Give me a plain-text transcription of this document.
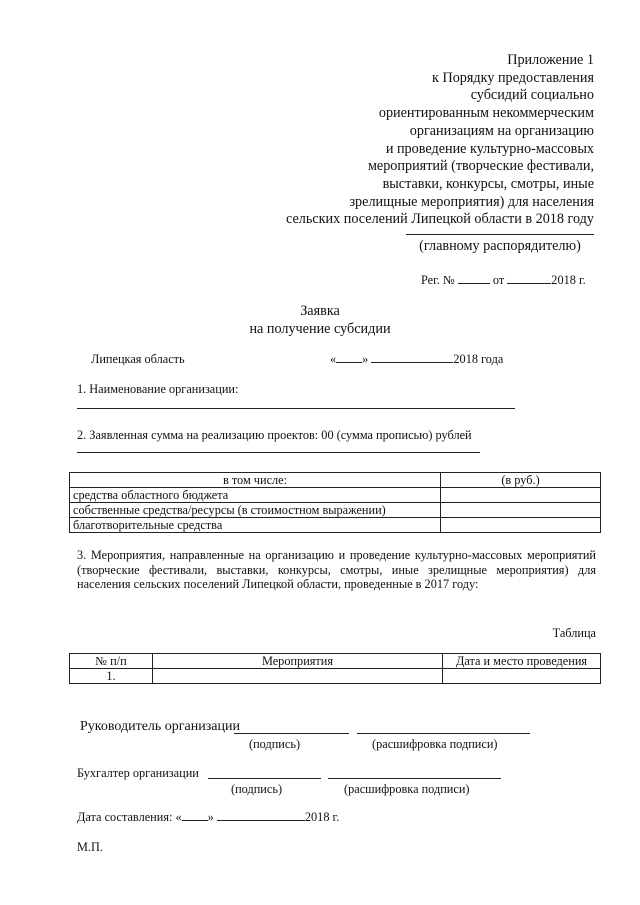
Приложение 1
к Порядку предоставления
субсидий социально
ориентированным некоммерческим
организациям на организацию
и проведение культурно-массовых
мероприятий (творческие фестивали,
выставки, конкурсы, смотры, иные
зрелищные мероприятия) для населения
сельских поселений Липецкой области в 2018 году
(главному распорядителю)
Рег. №	от	2018 г.
Заявка
на получение субсидии
Липецкая область	« »	2018 года
1. Наименование организации:
2. Заявленная сумма на реализацию проектов: 00 (сумма прописью) рублей
в том числе:	(в руб.)
средства областного бюджета	
собственные средства/ресурсы (в стоимостном выражении)	
благотворительные средства	
3. Мероприятия, направленные на организацию и проведение культурно-массовых мероприятий (творческие фестивали, выставки, конкурсы, смотры, иные зрелищные мероприятия) для населения сельских поселений Липецкой области, проведенные в 2017 году:
Таблица
№ п/п	Мероприятия	Дата и место проведения
1.		
Руководитель организации
(подпись)	(расшифровка подписи)
Бухгалтер организации
(подпись)	(расшифровка подписи)
Дата составления: « »	2018 г.
М.П.
